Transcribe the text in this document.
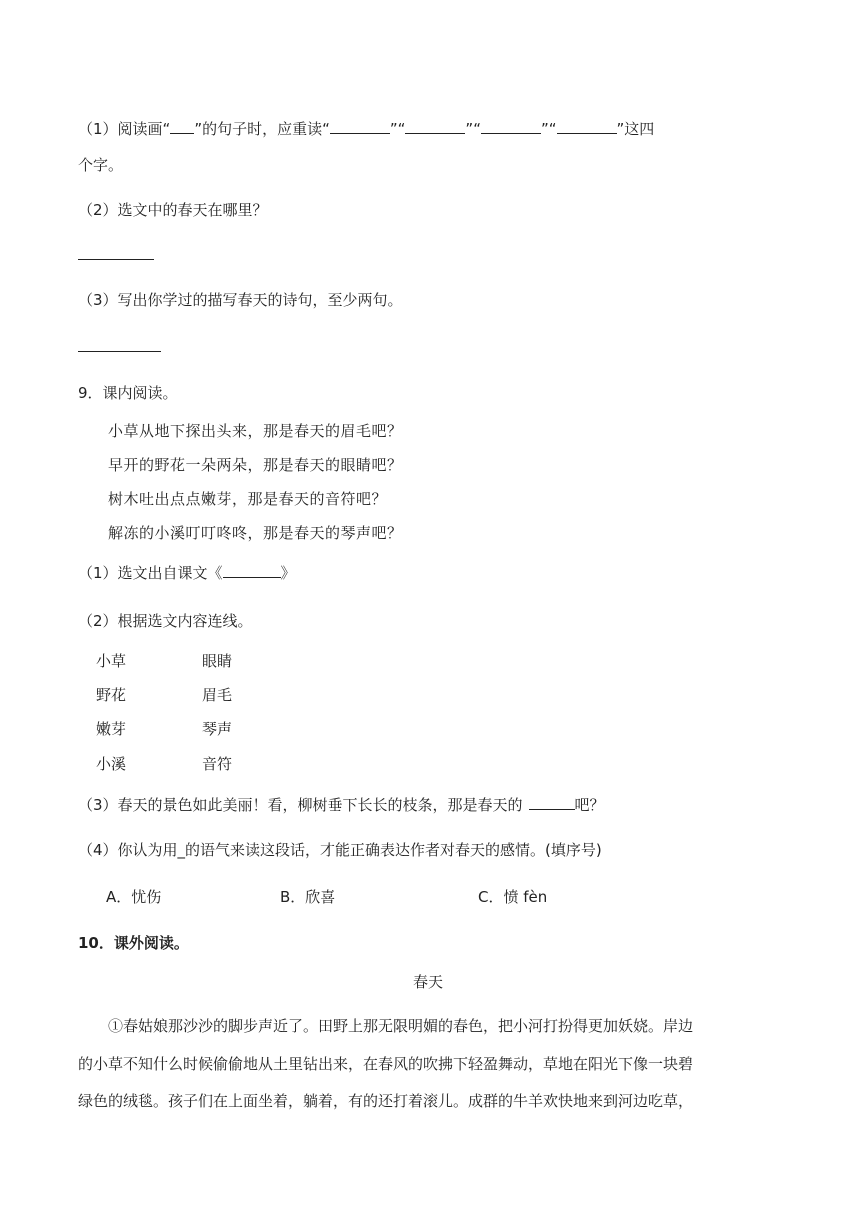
（1）阅读画“ ”的句子时，应重读“	”“	”“	”“	”这四
个字。
（2）选文中的春天在哪里？
（3）写出你学过的描写春天的诗句，至少两句。
9．课内阅读。
小草从地下探出头来，那是春天的眉毛吧？
早开的野花一朵两朵，那是春天的眼睛吧？
树木吐出点点嫩芽，那是春天的音符吧？
解冻的小溪叮叮咚咚，那是春天的琴声吧？
（1）选文出自课文《	》
（2）根据选文内容连线。
小草	眼睛
野花	眉毛
嫩芽	琴声
小溪	音符
（3）春天的景色如此美丽！看，柳树垂下长长的枝条，那是春天的	吧？
（4）你认为用_的语气来读这段话，才能正确表达作者对春天的感情。(填序号)
A．忧伤	B．欣喜	C．愤 fèn
10．课外阅读。
春天
①春姑娘那沙沙的脚步声近了。田野上那无限明媚的春色，把小河打扮得更加妖娆。岸边
的小草不知什么时候偷偷地从土里钻出来，在春风的吹拂下轻盈舞动，草地在阳光下像一块碧
绿色的绒毯。孩子们在上面坐着，躺着，有的还打着滚儿。成群的牛羊欢快地来到河边吃草，
